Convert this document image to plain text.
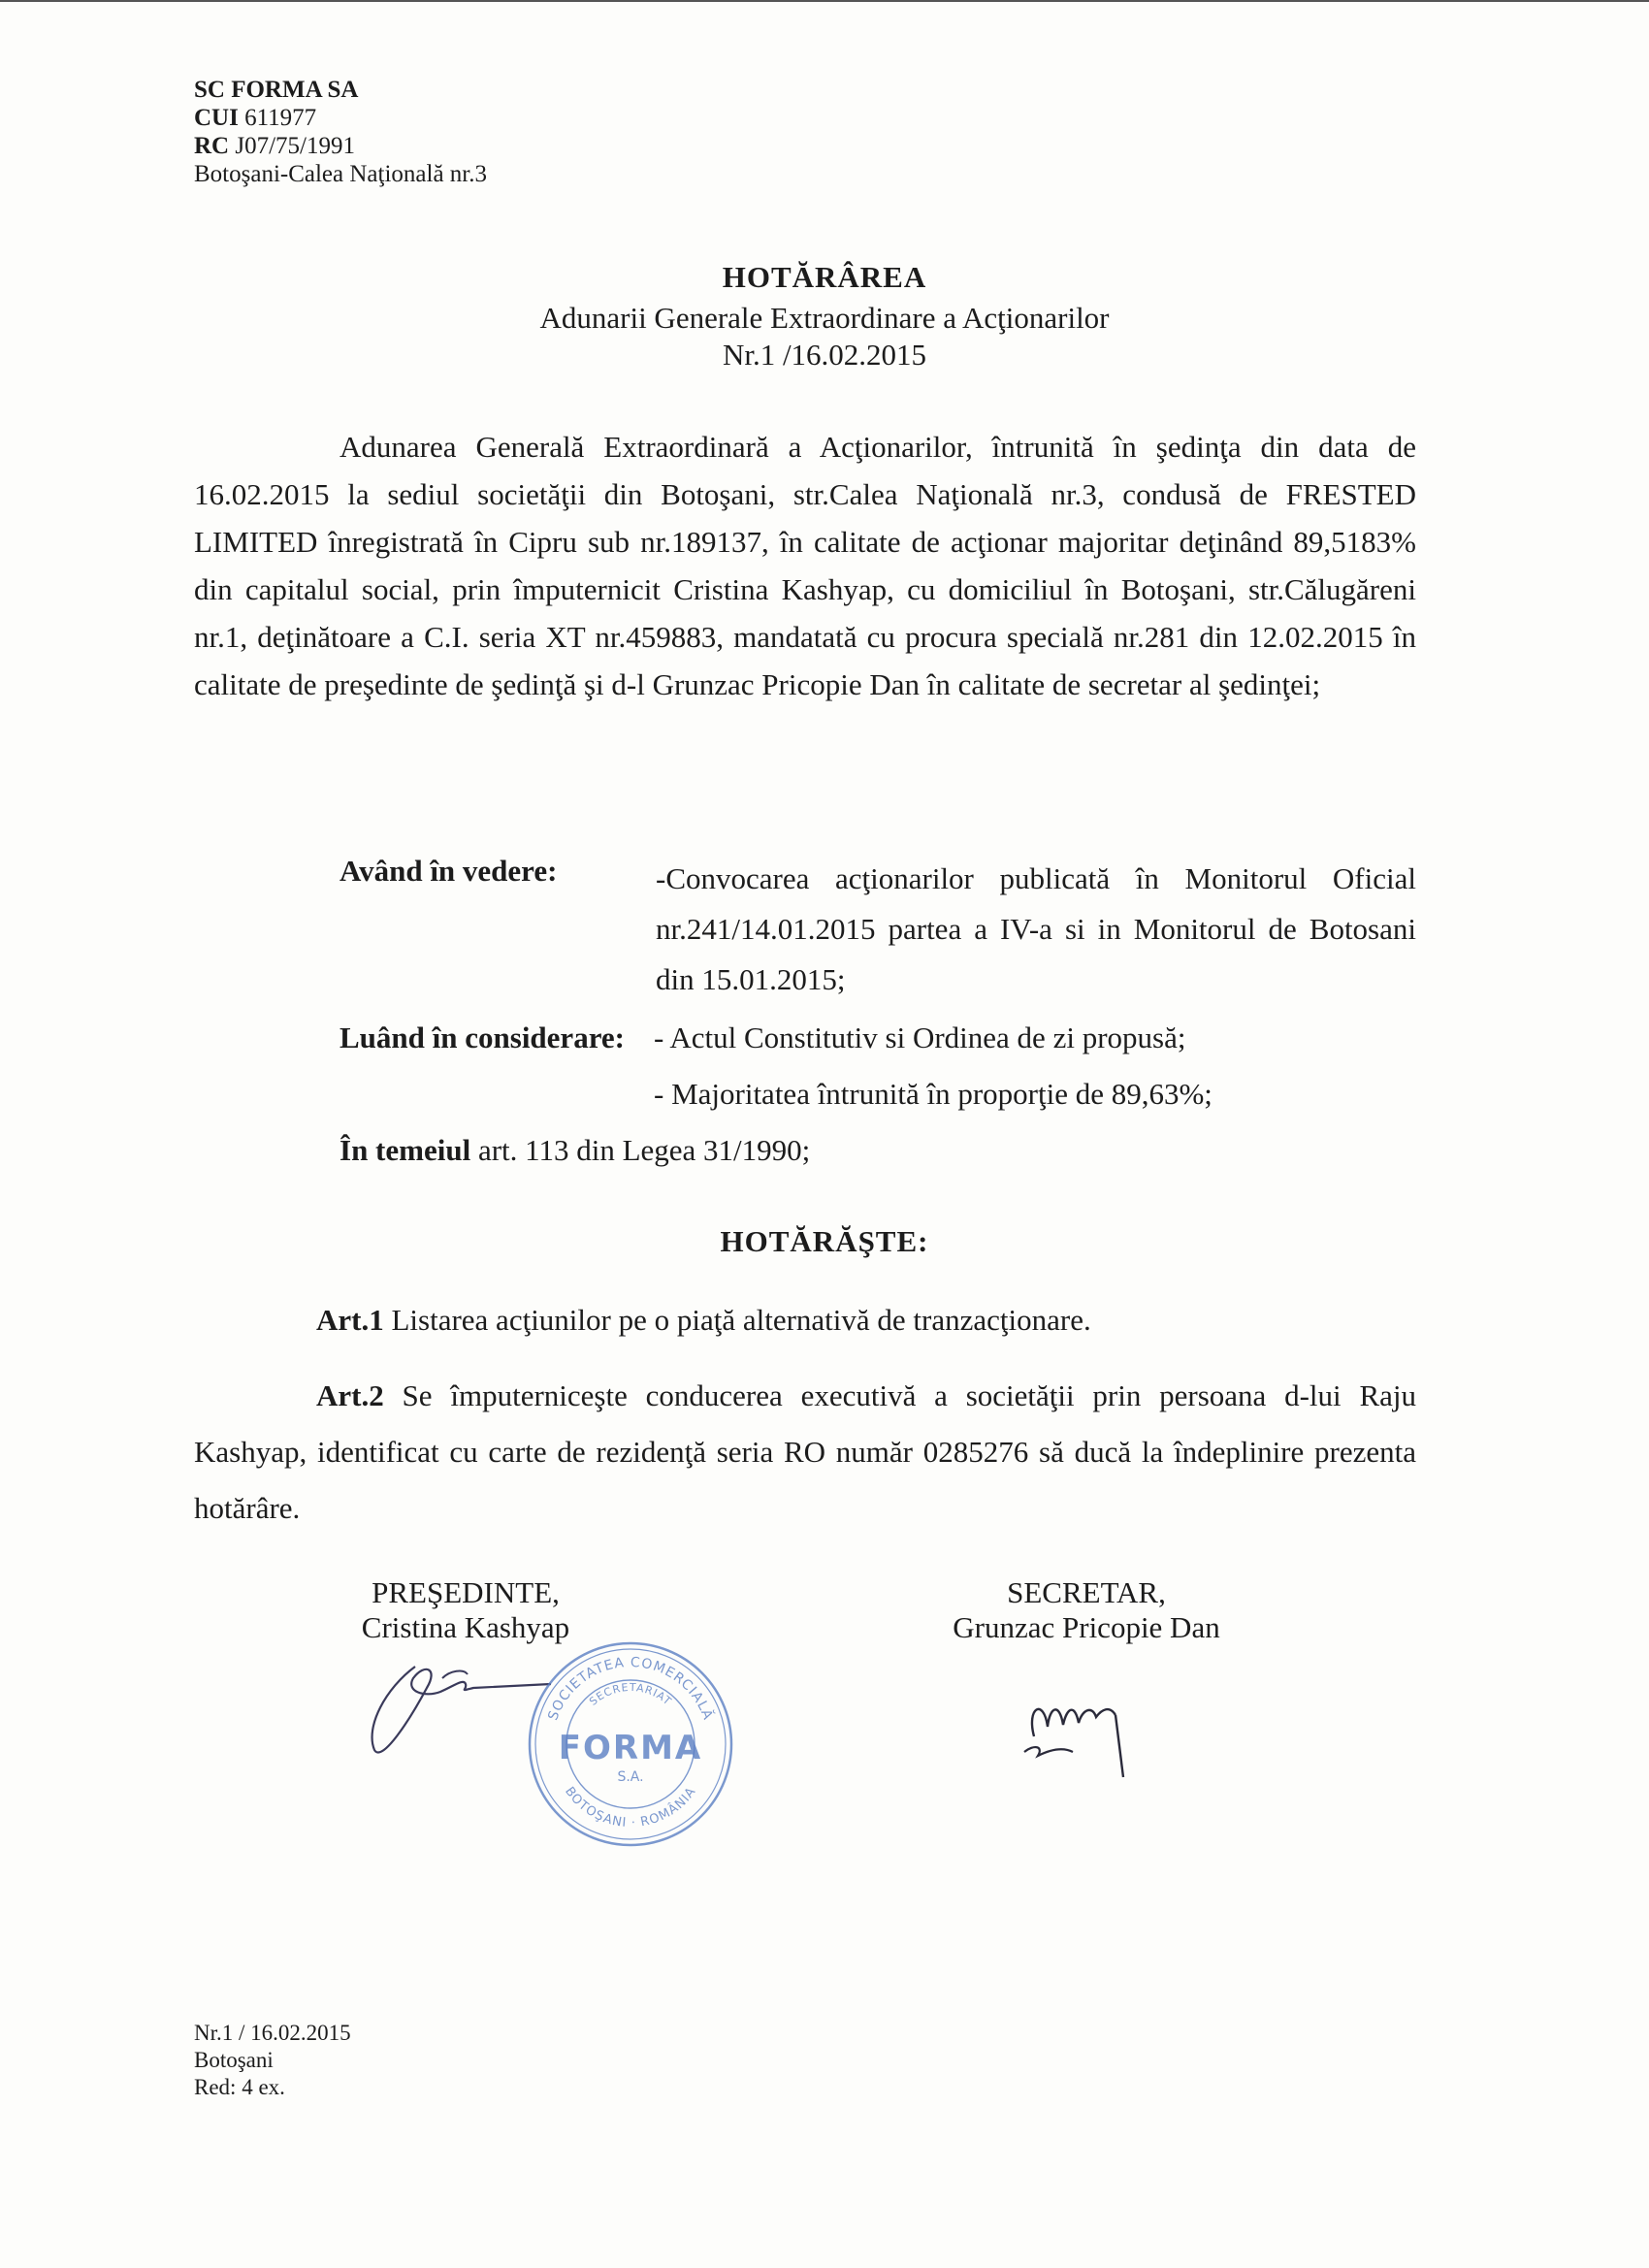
SC FORMA SA
CUI 611977
RC J07/75/1991
Botoşani-Calea Naţională nr.3
HOTĂRÂREA
Adunarii Generale Extraordinare a Acţionarilor
Nr.1 /16.02.2015
Adunarea Generală Extraordinară a Acţionarilor, întrunită în şedinţa din data de 16.02.2015 la sediul societăţii din Botoşani, str.Calea Naţională nr.3, condusă de FRESTED LIMITED înregistrată în Cipru sub nr.189137, în calitate de acţionar majoritar deţinând 89,5183% din capitalul social, prin împuternicit Cristina Kashyap, cu domiciliul în Botoşani, str.Călugăreni nr.1, deţinătoare a C.I. seria XT nr.459883, mandatată cu procura specială nr.281 din 12.02.2015 în calitate de preşedinte de şedinţă şi d-l Grunzac Pricopie Dan în calitate de secretar al şedinţei;
Având în vedere:	-Convocarea acţionarilor publicată în Monitorul Oficial nr.241/14.01.2015 partea a IV-a si in Monitorul de Botosani din 15.01.2015;
Luând în considerare: - Actul Constitutiv si Ordinea de zi propusă;
- Majoritatea întrunită în proporţie de 89,63%;
În temeiul art. 113 din Legea 31/1990;
HOTĂRĂŞTE:
Art.1 Listarea acţiunilor pe o piaţă alternativă de tranzacţionare.
Art.2 Se împuterniceşte conducerea executivă a societăţii prin persoana d-lui Raju Kashyap, identificat cu carte de rezidenţă seria RO număr 0285276 să ducă la îndeplinire prezenta hotărâre.
PREŞEDINTE,
Cristina Kashyap
SECRETAR,
Grunzac Pricopie Dan
SOCIETATEA COMERCIALĂ
SECRETARIAT
FORMA
S.A.
BOTOŞANI · ROMÂNIA
Nr.1 / 16.02.2015
Botoşani
Red: 4 ex.
